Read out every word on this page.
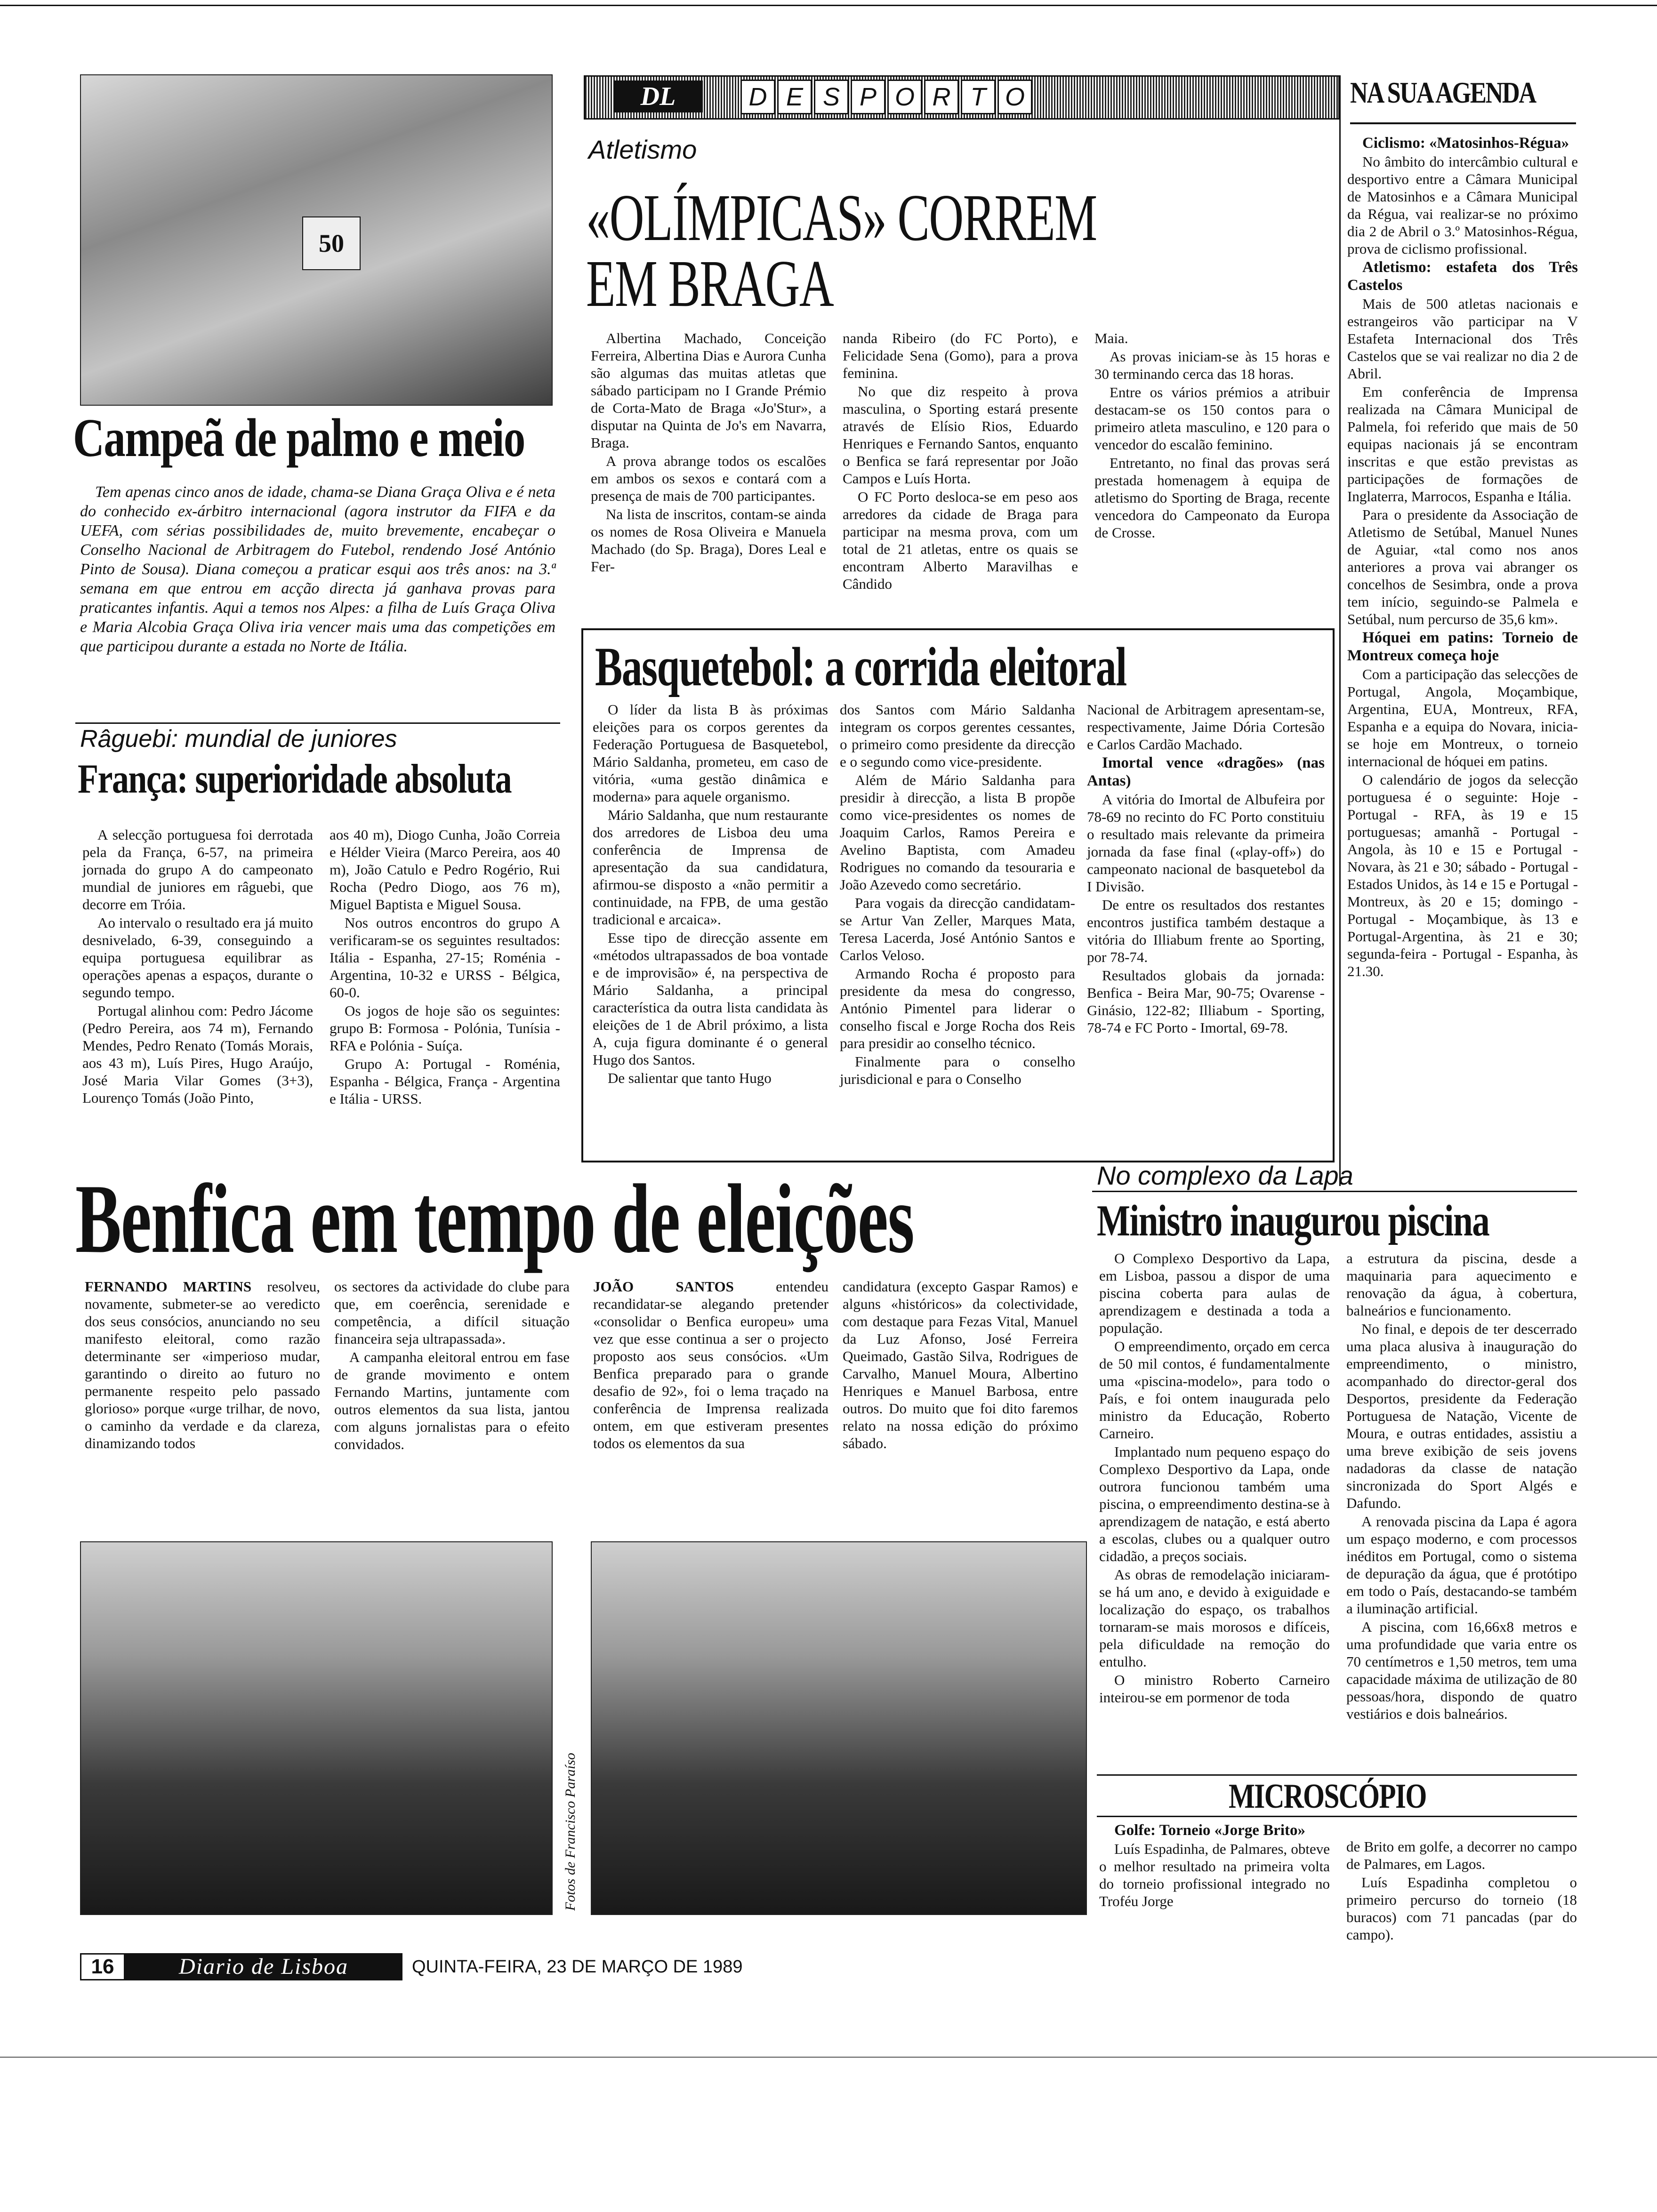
DL	D E S P O R T O	NA SUA AGENDA
50
Campeã de palmo e meio

Tem apenas cinco anos de idade, chama-se Diana Graça Oliva e é neta do conhecido ex-árbitro internacional (agora instrutor da FIFA e da UEFA, com sérias possibilidades de, muito brevemente, encabeçar o Conselho Nacional de Arbitragem do Futebol, rendendo José António Pinto de Sousa). Diana começou a praticar esqui aos três anos: na 3.ª semana em que entrou em acção directa já ganhava provas para praticantes infantis. Aqui a temos nos Alpes: a filha de Luís Graça Oliva e Maria Alcobia Graça Oliva iria vencer mais uma das competições em que participou durante a estada no Norte de Itália.

Râguebi: mundial de juniores
França: superioridade absoluta

A selecção portuguesa foi derrotada pela da França, 6-57, na primeira jornada do grupo A do campeonato mundial de juniores em râguebi, que decorre em Tróia.

Ao intervalo o resultado era já muito desnivelado, 6-39, conseguindo a equipa portuguesa equilibrar as operações apenas a espaços, durante o segundo tempo.

Portugal alinhou com: Pedro Jácome (Pedro Pereira, aos 74 m), Fernando Mendes, Pedro Renato (Tomás Morais, aos 43 m), Luís Pires, Hugo Araújo, José Maria Vilar Gomes (3+3), Lourenço Tomás (João Pinto,

aos 40 m), Diogo Cunha, João Correia e Hélder Vieira (Marco Pereira, aos 40 m), João Catulo e Pedro Rogério, Rui Rocha (Pedro Diogo, aos 76 m), Miguel Baptista e Miguel Sousa.

Nos outros encontros do grupo A verificaram-se os seguintes resultados: Itália - Espanha, 27-15; Roménia - Argentina, 10-32 e URSS - Bélgica, 60-0.

Os jogos de hoje são os seguintes: grupo B: Formosa - Polónia, Tunísia - RFA e Polónia - Suíça.

Grupo A: Portugal - Roménia, Espanha - Bélgica, França - Argentina e Itália - URSS.

Atletismo
«OLÍMPICAS» CORREM
EM BRAGA

Albertina Machado, Conceição Ferreira, Albertina Dias e Aurora Cunha são algumas das muitas atletas que sábado participam no I Grande Prémio de Corta-Mato de Braga «Jo'Stur», a disputar na Quinta de Jo's em Navarra, Braga.

A prova abrange todos os escalões em ambos os sexos e contará com a presença de mais de 700 participantes.

Na lista de inscritos, contam-se ainda os nomes de Rosa Oliveira e Manuela Machado (do Sp. Braga), Dores Leal e Fer-

nanda Ribeiro (do FC Porto), e Felicidade Sena (Gomo), para a prova feminina.

No que diz respeito à prova masculina, o Sporting estará presente através de Elísio Rios, Eduardo Henriques e Fernando Santos, enquanto o Benfica se fará representar por João Campos e Luís Horta.

O FC Porto desloca-se em peso aos arredores da cidade de Braga para participar na mesma prova, com um total de 21 atletas, entre os quais se encontram Alberto Maravilhas e Cândido

Maia.

As provas iniciam-se às 15 horas e 30 terminando cerca das 18 horas.

Entre os vários prémios a atribuir destacam-se os 150 contos para o primeiro atleta masculino, e 120 para o vencedor do escalão feminino.

Entretanto, no final das provas será prestada homenagem à equipa de atletismo do Sporting de Braga, recente vencedora do Campeonato da Europa de Crosse.

Basquetebol: a corrida eleitoral

O líder da lista B às próximas eleições para os corpos gerentes da Federação Portuguesa de Basquetebol, Mário Saldanha, prometeu, em caso de vitória, «uma gestão dinâmica e moderna» para aquele organismo.

Mário Saldanha, que num restaurante dos arredores de Lisboa deu uma conferência de Imprensa de apresentação da sua candidatura, afirmou-se disposto a «não permitir a continuidade, na FPB, de uma gestão tradicional e arcaica».

Esse tipo de direcção assente em «métodos ultrapassados de boa vontade e de improvisão» é, na perspectiva de Mário Saldanha, a principal característica da outra lista candidata às eleições de 1 de Abril próximo, a lista A, cuja figura dominante é o general Hugo dos Santos.

De salientar que tanto Hugo

dos Santos com Mário Saldanha integram os corpos gerentes cessantes, o primeiro como presidente da direcção e o segundo como vice-presidente.

Além de Mário Saldanha para presidir à direcção, a lista B propõe como vice-presidentes os nomes de Joaquim Carlos, Ramos Pereira e Avelino Baptista, com Amadeu Rodrigues no comando da tesouraria e João Azevedo como secretário.

Para vogais da direcção candidatam-se Artur Van Zeller, Marques Mata, Teresa Lacerda, José António Santos e Carlos Veloso.

Armando Rocha é proposto para presidente da mesa do congresso, António Pimentel para liderar o conselho fiscal e Jorge Rocha dos Reis para presidir ao conselho técnico.

Finalmente para o conselho jurisdicional e para o Conselho

Nacional de Arbitragem apresentam-se, respectivamente, Jaime Dória Cortesão e Carlos Cardão Machado.

Imortal vence «dragões» (nas Antas)

A vitória do Imortal de Albufeira por 78-69 no recinto do FC Porto constituiu o resultado mais relevante da primeira jornada da fase final («play-off») do campeonato nacional de basquetebol da I Divisão.

De entre os resultados dos restantes encontros justifica também destaque a vitória do Illiabum frente ao Sporting, por 78-74.

Resultados globais da jornada: Benfica - Beira Mar, 90-75; Ovarense - Ginásio, 122-82; Illiabum - Sporting, 78-74 e FC Porto - Imortal, 69-78.

Ciclismo: «Matosinhos-Régua»

No âmbito do intercâmbio cultural e desportivo entre a Câmara Municipal de Matosinhos e a Câmara Municipal da Régua, vai realizar-se no próximo dia 2 de Abril o 3.º Matosinhos-Régua, prova de ciclismo profissional.

Atletismo: estafeta dos Três Castelos

Mais de 500 atletas nacionais e estrangeiros vão participar na V Estafeta Internacional dos Três Castelos que se vai realizar no dia 2 de Abril.

Em conferência de Imprensa realizada na Câmara Municipal de Palmela, foi referido que mais de 50 equipas nacionais já se encontram inscritas e que estão previstas as participações de formações de Inglaterra, Marrocos, Espanha e Itália.

Para o presidente da Associação de Atletismo de Setúbal, Manuel Nunes de Aguiar, «tal como nos anos anteriores a prova vai abranger os concelhos de Sesimbra, onde a prova tem início, seguindo-se Palmela e Setúbal, num percurso de 35,6 km».

Hóquei em patins: Torneio de Montreux começa hoje

Com a participação das selecções de Portugal, Angola, Moçambique, Argentina, EUA, Montreux, RFA, Espanha e a equipa do Novara, inicia-se hoje em Montreux, o torneio internacional de hóquei em patins.

O calendário de jogos da selecção portuguesa é o seguinte: Hoje - Portugal - RFA, às 19 e 15 portuguesas; amanhã - Portugal - Angola, às 10 e 15 e Portugal - Novara, às 21 e 30; sábado - Portugal - Estados Unidos, às 14 e 15 e Portugal - Montreux, às 20 e 15; domingo - Portugal - Moçambique, às 13 e Portugal-Argentina, às 21 e 30; segunda-feira - Portugal - Espanha, às 21.30.

Benfica em tempo de eleições

FERNANDO MARTINS resolveu, novamente, submeter-se ao veredicto dos seus consócios, anunciando no seu manifesto eleitoral, como razão determinante ser «imperioso mudar, garantindo o direito ao futuro no permanente respeito pelo passado glorioso» porque «urge trilhar, de novo, o caminho da verdade e da clareza, dinamizando todos

os sectores da actividade do clube para que, em coerência, serenidade e competência, a difícil situação financeira seja ultrapassada».

A campanha eleitoral entrou em fase de grande movimento e ontem Fernando Martins, juntamente com outros elementos da sua lista, jantou com alguns jornalistas para o efeito convidados.

JOÃO SANTOS	entendeu recandidatar-se alegando pretender «consolidar o Benfica europeu» uma vez que esse continua a ser o projecto proposto aos seus consócios. «Um Benfica preparado para o grande desafio de 92», foi o lema traçado na conferência de Imprensa realizada ontem, em que estiveram presentes todos os elementos da sua

candidatura (excepto Gaspar Ramos) e alguns «históricos» da colectividade, com destaque para Fezas Vital, Manuel da Luz Afonso, José Ferreira Queimado, Gastão Silva, Rodrigues de Carvalho, Manuel Moura, Albertino Henriques e Manuel Barbosa, entre outros. Do muito que foi dito faremos relato na nossa edição do próximo sábado.

Fotos de Francisco Paraíso
No complexo da Lapa
Ministro inaugurou piscina

O Complexo Desportivo da Lapa, em Lisboa, passou a dispor de uma piscina coberta para aulas de aprendizagem e destinada a toda a população.

O empreendimento, orçado em cerca de 50 mil contos, é fundamentalmente uma «piscina-modelo», para todo o País, e foi ontem inaugurada pelo ministro da Educação, Roberto Carneiro.

Implantado num pequeno espaço do Complexo Desportivo da Lapa, onde outrora funcionou também uma piscina, o empreendimento destina-se à aprendizagem de natação, e está aberto a escolas, clubes ou a qualquer outro cidadão, a preços sociais.

As obras de remodelação iniciaram-se há um ano, e devido à exiguidade e localização do espaço, os trabalhos tornaram-se mais morosos e difíceis, pela dificuldade na remoção do entulho.

O ministro Roberto Carneiro inteirou-se em pormenor de toda

a estrutura da piscina, desde a maquinaria para aquecimento e renovação da água, à cobertura, balneários e funcionamento.

No final, e depois de ter descerrado uma placa alusiva à inauguração do empreendimento, o ministro, acompanhado do director-geral dos Desportos, presidente da Federação Portuguesa de Natação, Vicente de Moura, e outras entidades, assistiu a uma breve exibição de seis jovens nadadoras da classe de natação sincronizada do Sport Algés e Dafundo.

A renovada piscina da Lapa é agora um espaço moderno, e com processos inéditos em Portugal, como o sistema de depuração da água, que é protótipo em todo o País, destacando-se também a iluminação artificial.

A piscina, com 16,66x8 metros e uma profundidade que varia entre os 70 centímetros e 1,50 metros, tem uma capacidade máxima de utilização de 80 pessoas/hora, dispondo de quatro vestiários e dois balneários.

MICROSCÓPIO

Golfe: Torneio «Jorge Brito»

Luís Espadinha, de Palmares, obteve o melhor resultado na primeira volta do torneio profissional integrado no Troféu Jorge

de Brito em golfe, a decorrer no campo de Palmares, em Lagos.

Luís Espadinha completou o primeiro percurso do torneio (18 buracos) com 71 pancadas (par do campo).

16	Diario de Lisboa	QUINTA-FEIRA, 23 DE MARÇO DE 1989
